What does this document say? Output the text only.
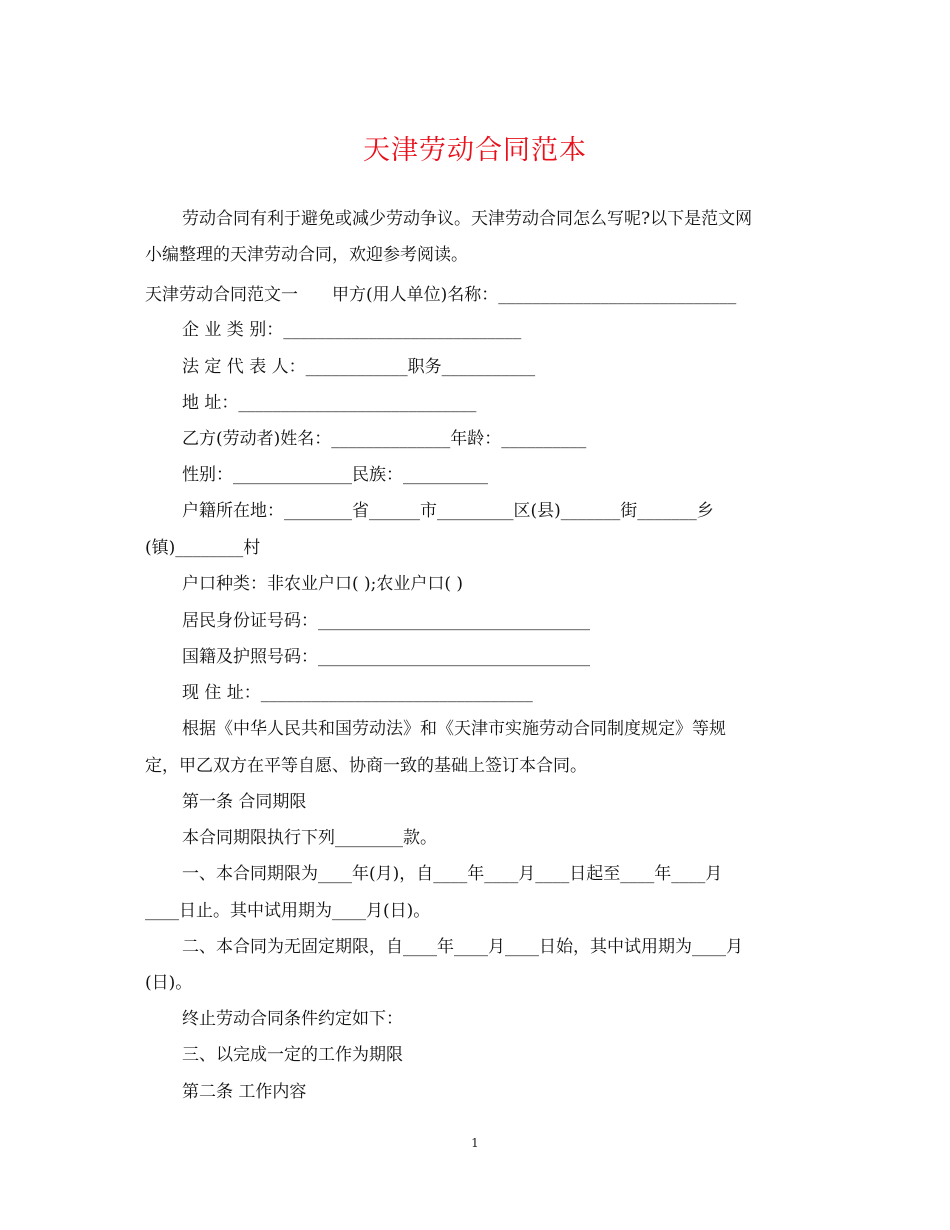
天津劳动合同范本
劳动合同有利于避免或减少劳动争议。天津劳动合同怎么写呢?以下是范文网
小编整理的天津劳动合同，欢迎参考阅读。
天津劳动合同范文一　　甲方(用人单位)名称：____________________________
企 业 类 别：____________________________
法 定 代 表 人：____________职务___________
地 址：____________________________
乙方(劳动者)姓名：______________年龄：__________
性别：______________民族：__________
户籍所在地：________省______市_________区(县)_______街_______乡
(镇)________村
户口种类：非农业户口( );农业户口( )
居民身份证号码：________________________________
国籍及护照号码：________________________________
现 住 址：________________________________
根据《中华人民共和国劳动法》和《天津市实施劳动合同制度规定》等规
定，甲乙双方在平等自愿、协商一致的基础上签订本合同。
第一条 合同期限
本合同期限执行下列________款。
一、本合同期限为____年(月)，自____年____月____日起至____年____月
____日止。其中试用期为____月(日)。
二、本合同为无固定期限，自____年____月____日始，其中试用期为____月
(日)。
终止劳动合同条件约定如下：
三、以完成一定的工作为期限
第二条 工作内容
1
